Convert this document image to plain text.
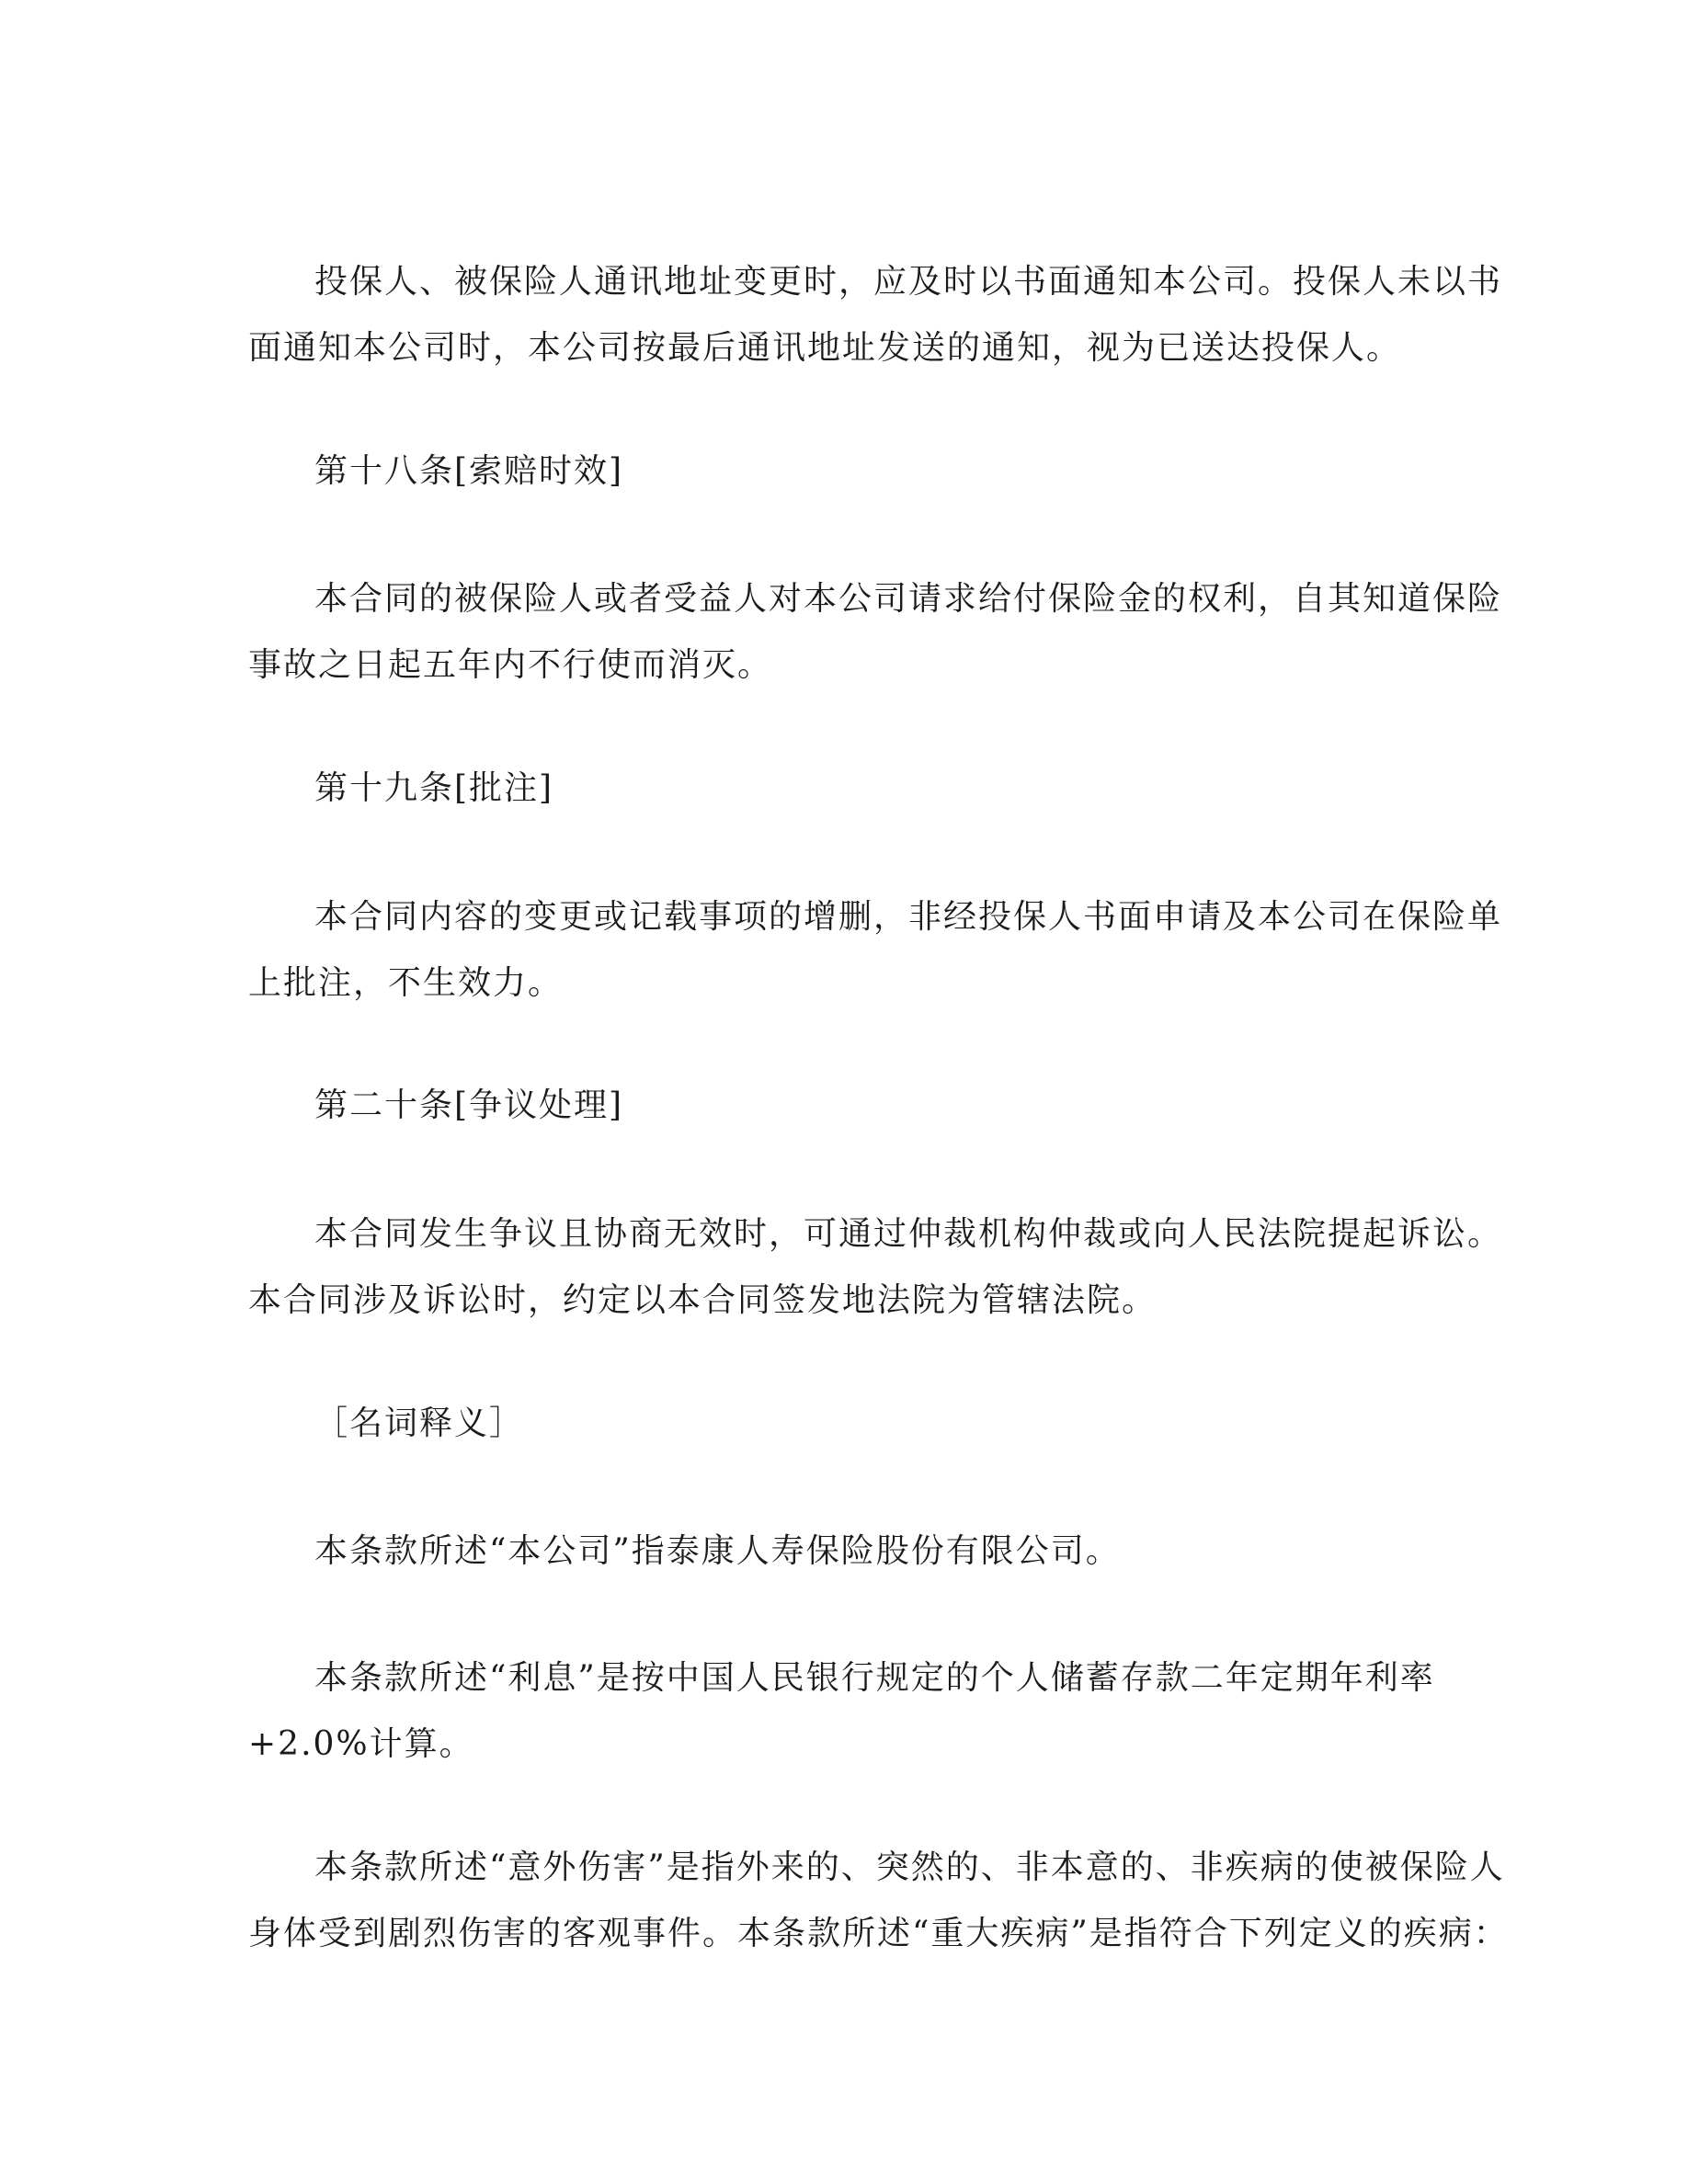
投保人、被保险人通讯地址变更时，应及时以书面通知本公司。投保人未以书
面通知本公司时，本公司按最后通讯地址发送的通知，视为已送达投保人。
第十八条[索赔时效]
本合同的被保险人或者受益人对本公司请求给付保险金的权利，自其知道保险
事故之日起五年内不行使而消灭。
第十九条[批注]
本合同内容的变更或记载事项的增删，非经投保人书面申请及本公司在保险单
上批注，不生效力。
第二十条[争议处理]
本合同发生争议且协商无效时，可通过仲裁机构仲裁或向人民法院提起诉讼。
本合同涉及诉讼时，约定以本合同签发地法院为管辖法院。
［名词释义］
本条款所述“本公司”指泰康人寿保险股份有限公司。
本条款所述“利息”是按中国人民银行规定的个人储蓄存款二年定期年利率
+2.0%计算。
本条款所述“意外伤害”是指外来的、突然的、非本意的、非疾病的使被保险人
身体受到剧烈伤害的客观事件。本条款所述“重大疾病”是指符合下列定义的疾病：
